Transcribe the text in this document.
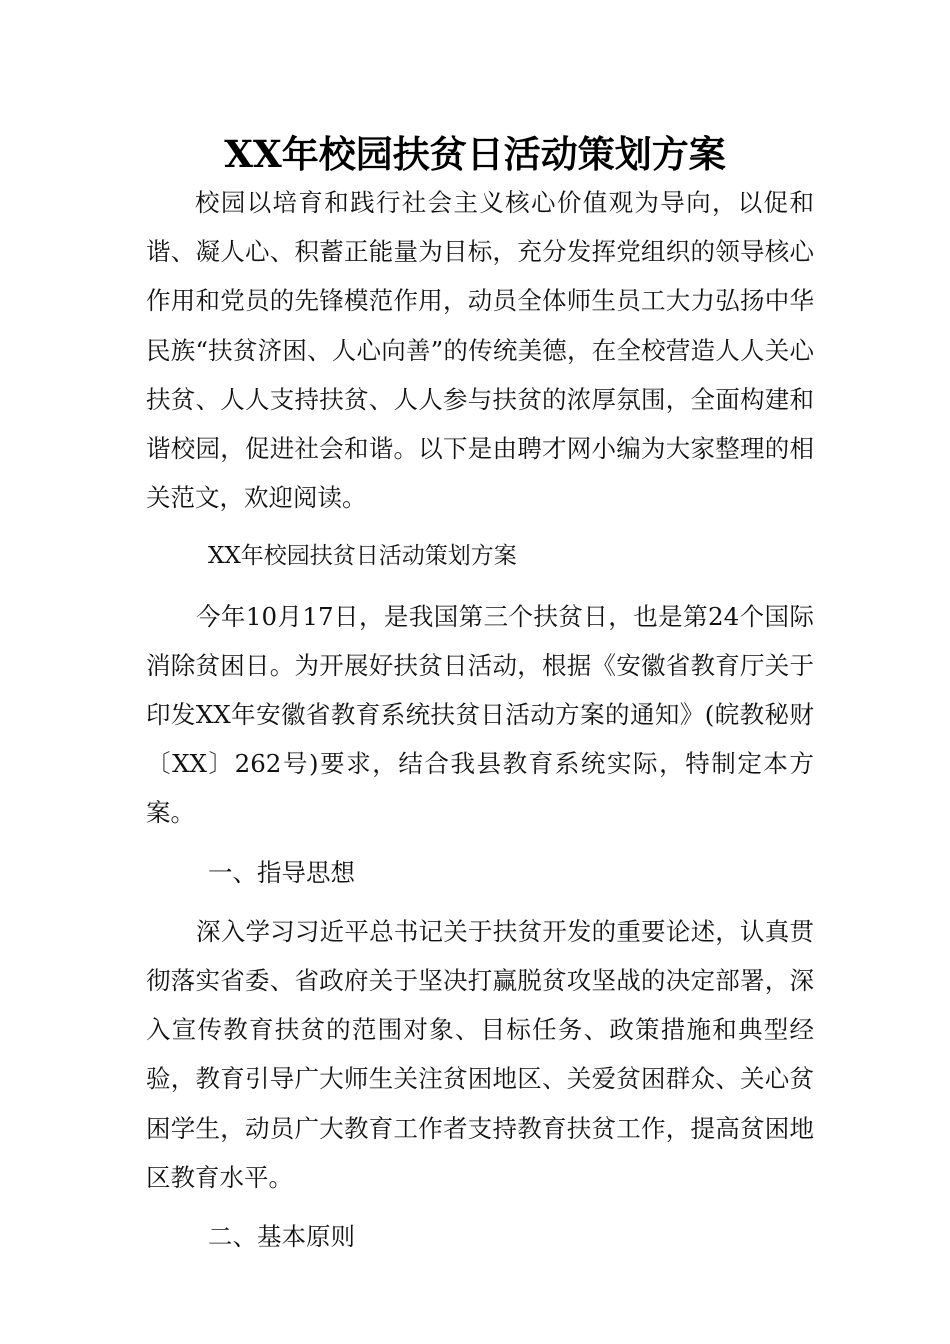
XX年校园扶贫日活动策划方案

校园以培育和践行社会主义核心价值观为导向，以促和谐、凝人心、积蓄正能量为目标，充分发挥党组织的领导核心作用和党员的先锋模范作用，动员全体师生员工大力弘扬中华民族“扶贫济困、人心向善”的传统美德，在全校营造人人关心扶贫、人人支持扶贫、人人参与扶贫的浓厚氛围，全面构建和谐校园，促进社会和谐。以下是由聘才网小编为大家整理的相关范文，欢迎阅读。

XX年校园扶贫日活动策划方案

今年10月17日，是我国第三个扶贫日，也是第24个国际消除贫困日。为开展好扶贫日活动，根据《安徽省教育厅关于印发XX年安徽省教育系统扶贫日活动方案的通知》(皖教秘财〔XX〕262号)要求，结合我县教育系统实际，特制定本方案。

一、指导思想

深入学习习近平总书记关于扶贫开发的重要论述，认真贯彻落实省委、省政府关于坚决打赢脱贫攻坚战的决定部署，深入宣传教育扶贫的范围对象、目标任务、政策措施和典型经验，教育引导广大师生关注贫困地区、关爱贫困群众、关心贫困学生，动员广大教育工作者支持教育扶贫工作，提高贫困地区教育水平。

二、基本原则
